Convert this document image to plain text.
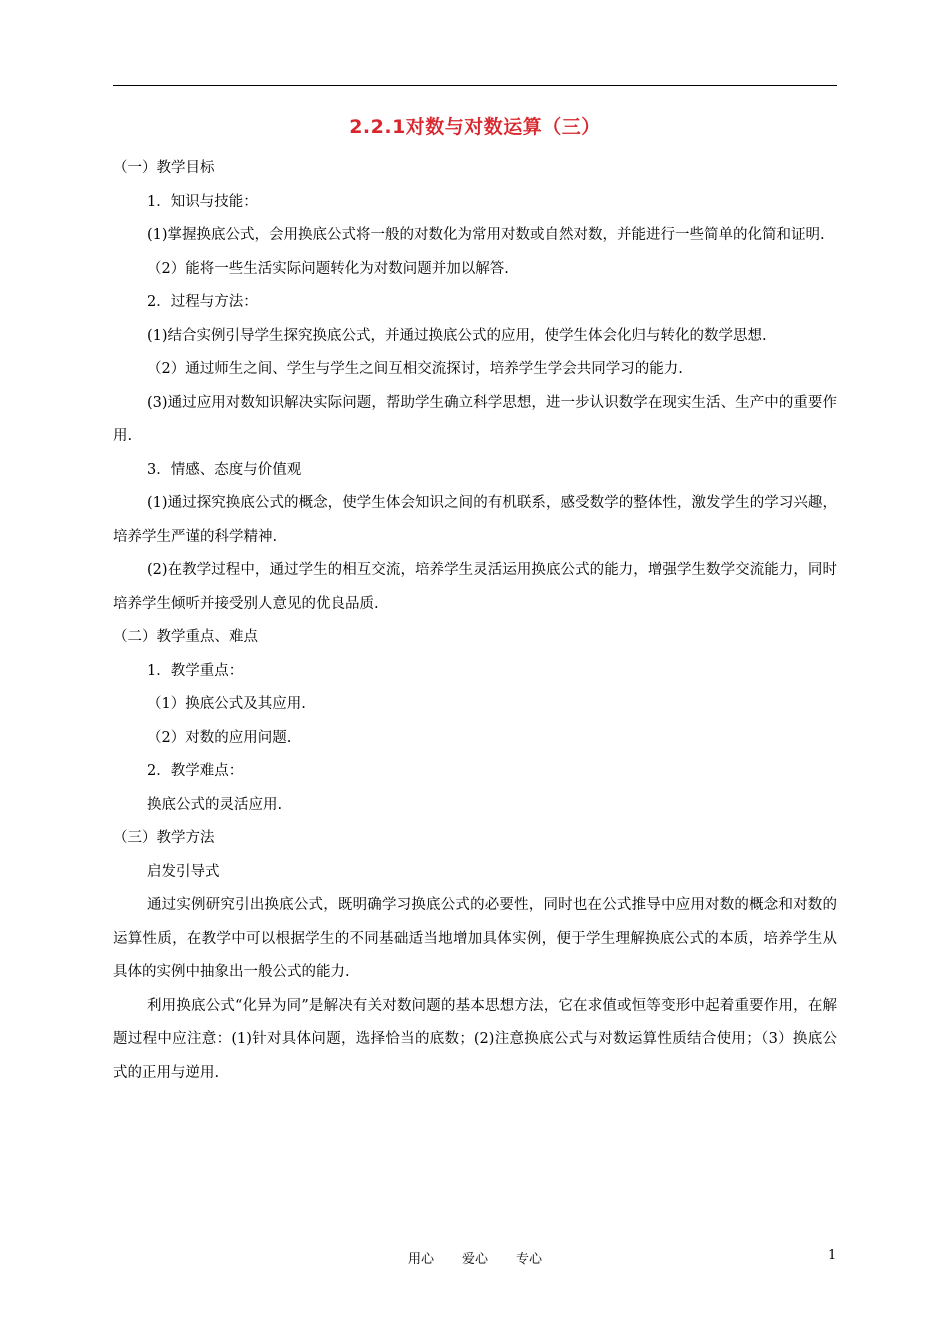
2.2.1对数与对数运算（三）
（一）教学目标
1．知识与技能：
(1)掌握换底公式，会用换底公式将一般的对数化为常用对数或自然对数，并能进行一些简单的化简和证明.
（2）能将一些生活实际问题转化为对数问题并加以解答.
2．过程与方法：
(1)结合实例引导学生探究换底公式，并通过换底公式的应用，使学生体会化归与转化的数学思想.
（2）通过师生之间、学生与学生之间互相交流探讨，培养学生学会共同学习的能力.
(3)通过应用对数知识解决实际问题，帮助学生确立科学思想，进一步认识数学在现实生活、生产中的重要作用.
3．情感、态度与价值观
(1)通过探究换底公式的概念，使学生体会知识之间的有机联系，感受数学的整体性，激发学生的学习兴趣，培养学生严谨的科学精神.
(2)在教学过程中，通过学生的相互交流，培养学生灵活运用换底公式的能力，增强学生数学交流能力，同时培养学生倾听并接受别人意见的优良品质.
（二）教学重点、难点
1．教学重点：
（1）换底公式及其应用.
（2）对数的应用问题.
2．教学难点：
换底公式的灵活应用.
（三）教学方法
启发引导式
通过实例研究引出换底公式，既明确学习换底公式的必要性，同时也在公式推导中应用对数的概念和对数的运算性质，在教学中可以根据学生的不同基础适当地增加具体实例，便于学生理解换底公式的本质，培养学生从具体的实例中抽象出一般公式的能力.
利用换底公式“化异为同”是解决有关对数问题的基本思想方法，它在求值或恒等变形中起着重要作用，在解题过程中应注意：(1)针对具体问题，选择恰当的底数；(2)注意换底公式与对数运算性质结合使用；（3）换底公式的正用与逆用.
用心 爱心 专心	1
